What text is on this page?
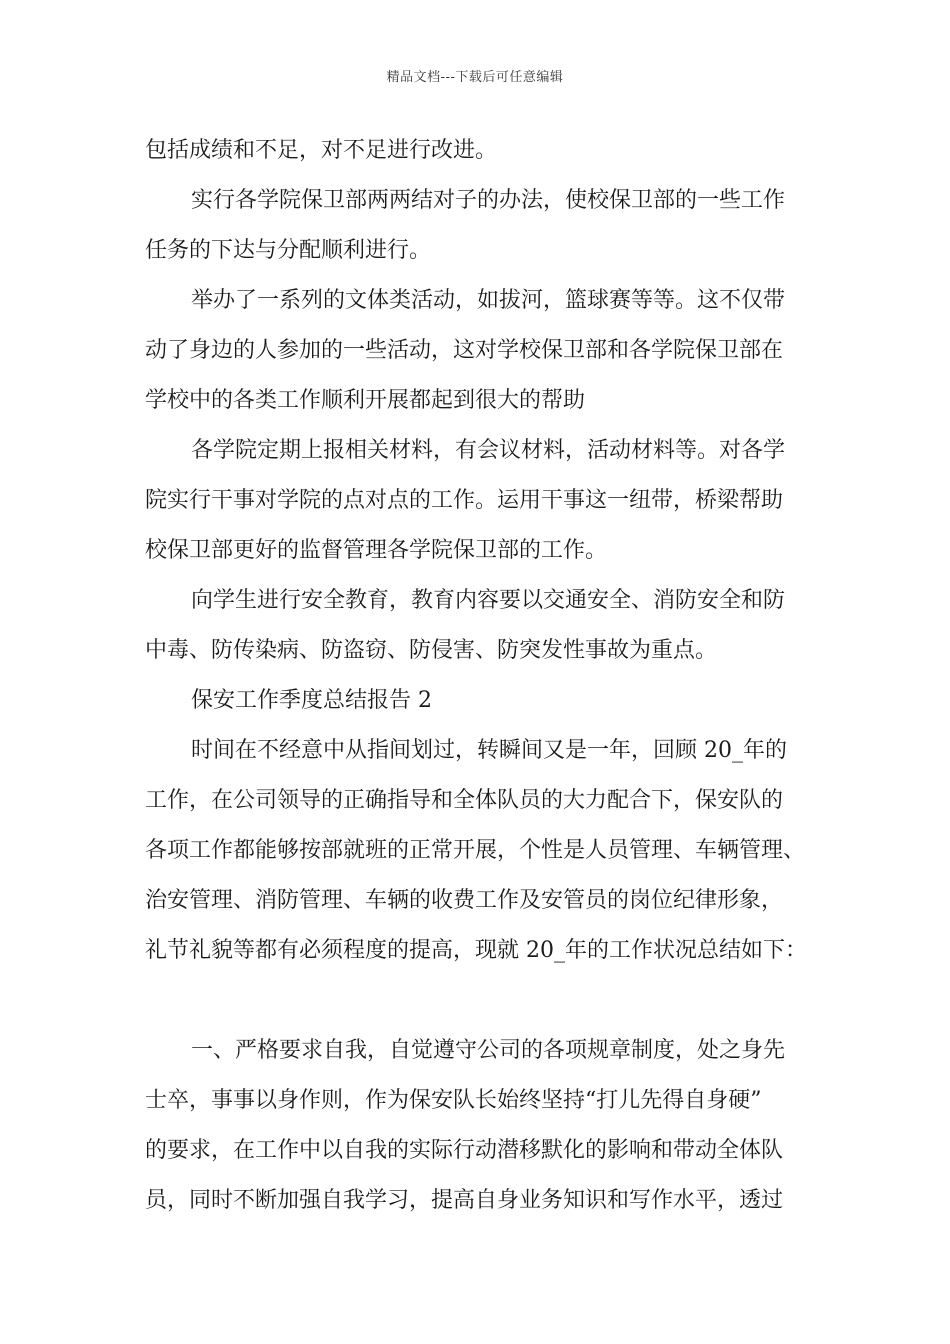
精品文档---下载后可任意编辑
包括成绩和不足，对不足进行改进。
实行各学院保卫部两两结对子的办法，使校保卫部的一些工作
任务的下达与分配顺利进行。
举办了一系列的文体类活动，如拔河，篮球赛等等。这不仅带
动了身边的人参加的一些活动，这对学校保卫部和各学院保卫部在
学校中的各类工作顺利开展都起到很大的帮助
各学院定期上报相关材料，有会议材料，活动材料等。对各学
院实行干事对学院的点对点的工作。运用干事这一纽带，桥梁帮助
校保卫部更好的监督管理各学院保卫部的工作。
向学生进行安全教育，教育内容要以交通安全、消防安全和防
中毒、防传染病、防盗窃、防侵害、防突发性事故为重点。
保安工作季度总结报告 2
时间在不经意中从指间划过，转瞬间又是一年，回顾 20_年的
工作，在公司领导的正确指导和全体队员的大力配合下，保安队的
各项工作都能够按部就班的正常开展，个性是人员管理、车辆管理、
治安管理、消防管理、车辆的收费工作及安管员的岗位纪律形象，
礼节礼貌等都有必须程度的提高，现就 20_年的工作状况总结如下：
一、严格要求自我，自觉遵守公司的各项规章制度，处之身先
士卒，事事以身作则，作为保安队长始终坚持“打儿先得自身硬”
的要求，在工作中以自我的实际行动潜移默化的影响和带动全体队
员，同时不断加强自我学习，提高自身业务知识和写作水平，透过
